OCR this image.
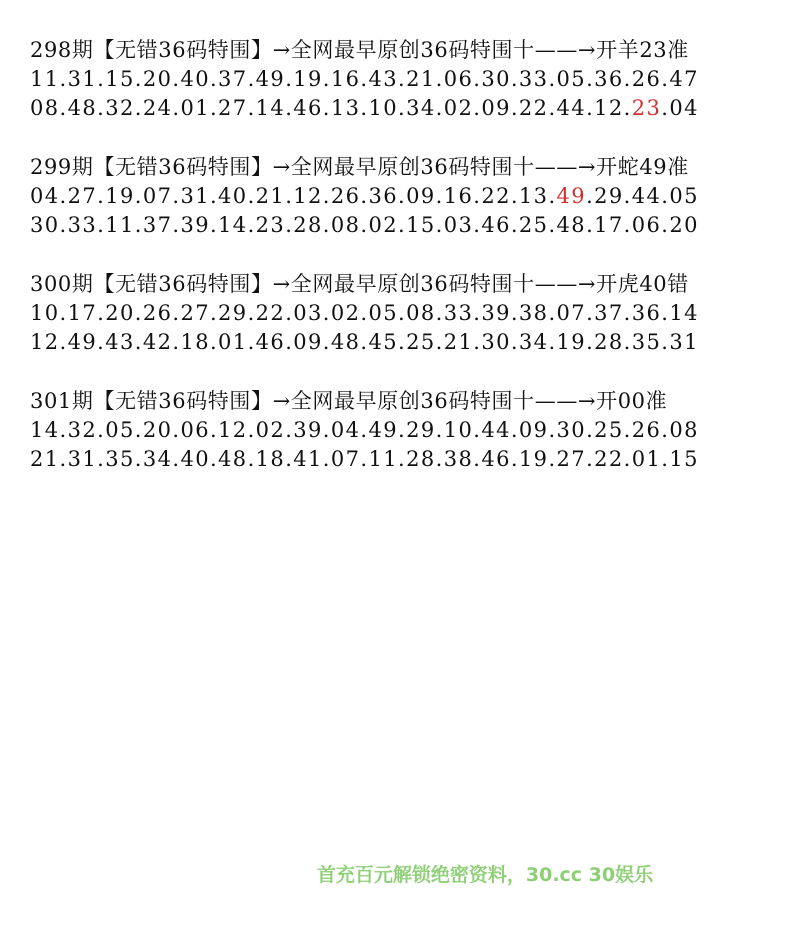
298期【无错36码特围】→全网最早原创36码特围十——→开羊23准
11.31.15.20.40.37.49.19.16.43.21.06.30.33.05.36.26.47
08.48.32.24.01.27.14.46.13.10.34.02.09.22.44.12.23.04
299期【无错36码特围】→全网最早原创36码特围十——→开蛇49准
04.27.19.07.31.40.21.12.26.36.09.16.22.13.49.29.44.05
30.33.11.37.39.14.23.28.08.02.15.03.46.25.48.17.06.20
300期【无错36码特围】→全网最早原创36码特围十——→开虎40错
10.17.20.26.27.29.22.03.02.05.08.33.39.38.07.37.36.14
12.49.43.42.18.01.46.09.48.45.25.21.30.34.19.28.35.31
301期【无错36码特围】→全网最早原创36码特围十——→开00准
14.32.05.20.06.12.02.39.04.49.29.10.44.09.30.25.26.08
21.31.35.34.40.48.18.41.07.11.28.38.46.19.27.22.01.15
首充百元解锁绝密资料，30.cc 30娱乐
